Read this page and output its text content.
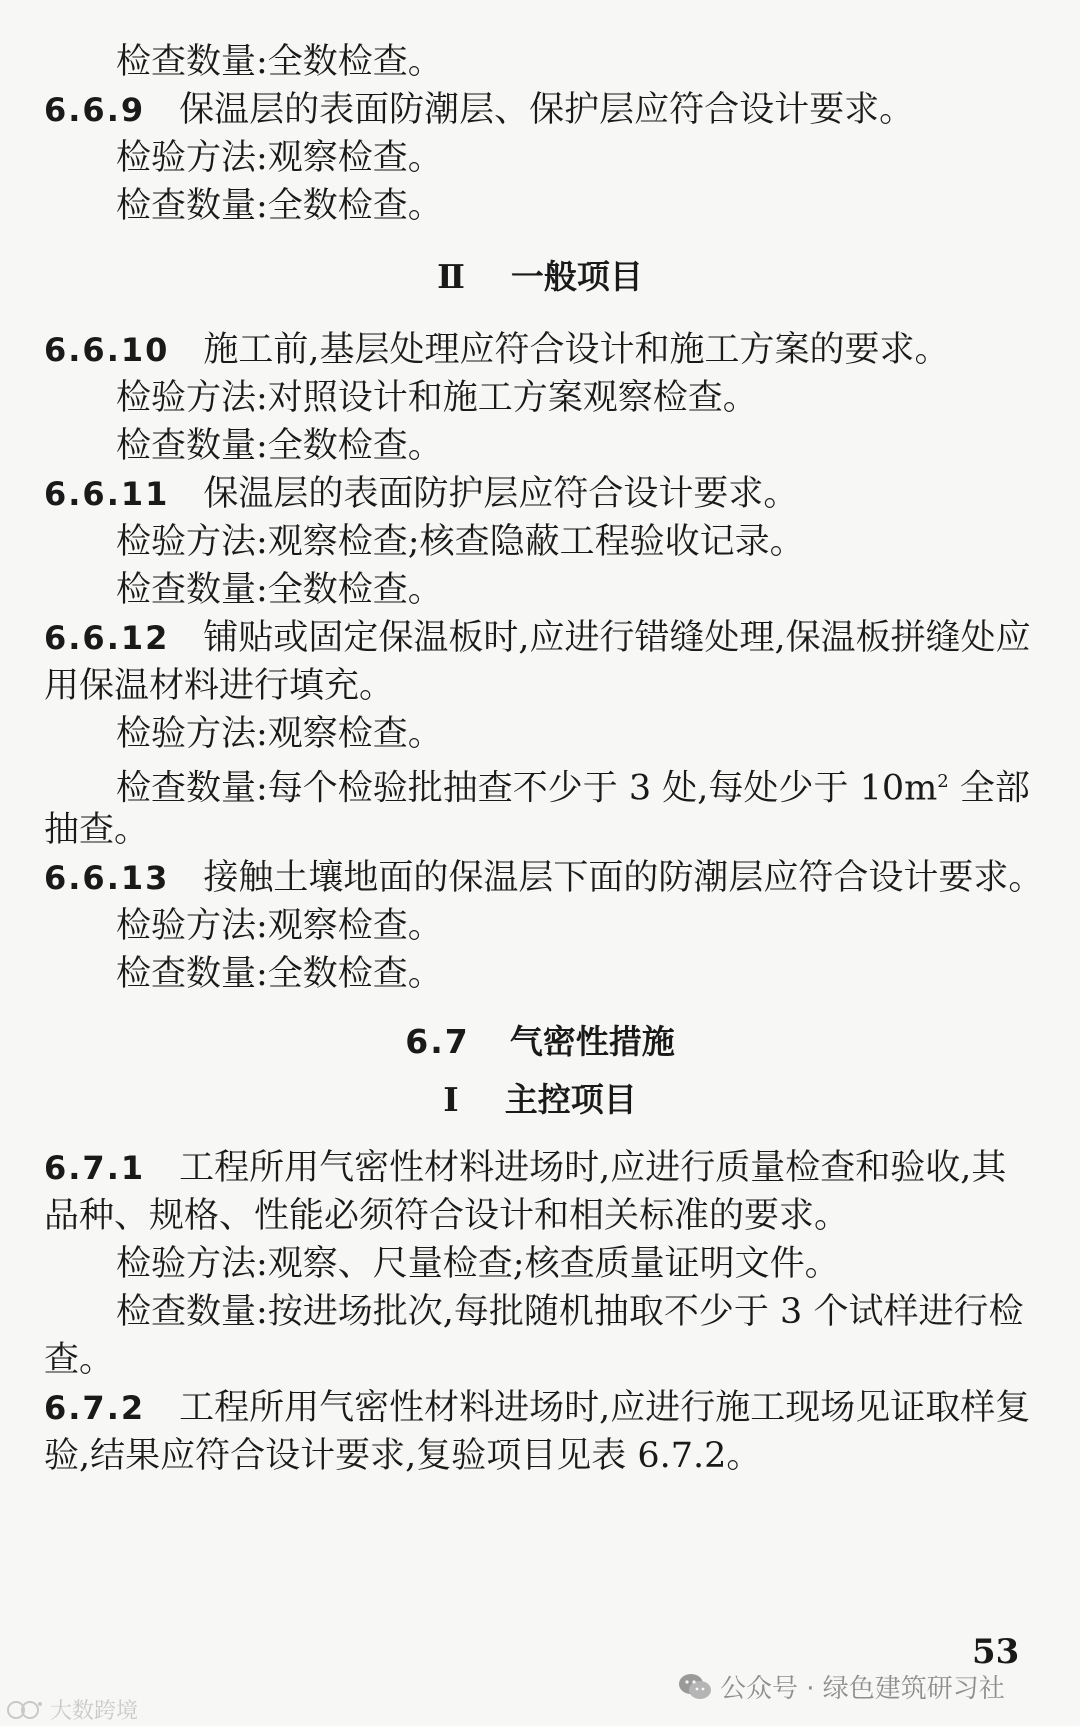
检查数量:全数检查。
6.6.9 保温层的表面防潮层、保护层应符合设计要求。
检验方法:观察检查。
检查数量:全数检查。
Ⅱ 一般项目
6.6.10 施工前,基层处理应符合设计和施工方案的要求。
检验方法:对照设计和施工方案观察检查。
检查数量:全数检查。
6.6.11 保温层的表面防护层应符合设计要求。
检验方法:观察检查;核查隐蔽工程验收记录。
检查数量:全数检查。
6.6.12 铺贴或固定保温板时,应进行错缝处理,保温板拼缝处应
用保温材料进行填充。
检验方法:观察检查。
检查数量:每个检验批抽查不少于 3 处,每处少于 $10m^2$ 全部
抽查。
6.6.13 接触土壤地面的保温层下面的防潮层应符合设计要求。
检验方法:观察检查。
检查数量:全数检查。
6.7 气密性措施
Ⅰ 主控项目
6.7.1 工程所用气密性材料进场时,应进行质量检查和验收,其
品种、规格、性能必须符合设计和相关标准的要求。
检验方法:观察、尺量检查;核查质量证明文件。
检查数量:按进场批次,每批随机抽取不少于 3 个试样进行检
查。
6.7.2 工程所用气密性材料进场时,应进行施工现场见证取样复
验,结果应符合设计要求,复验项目见表 6.7.2。
53
公众号 · 绿色建筑研习社
大数跨境
